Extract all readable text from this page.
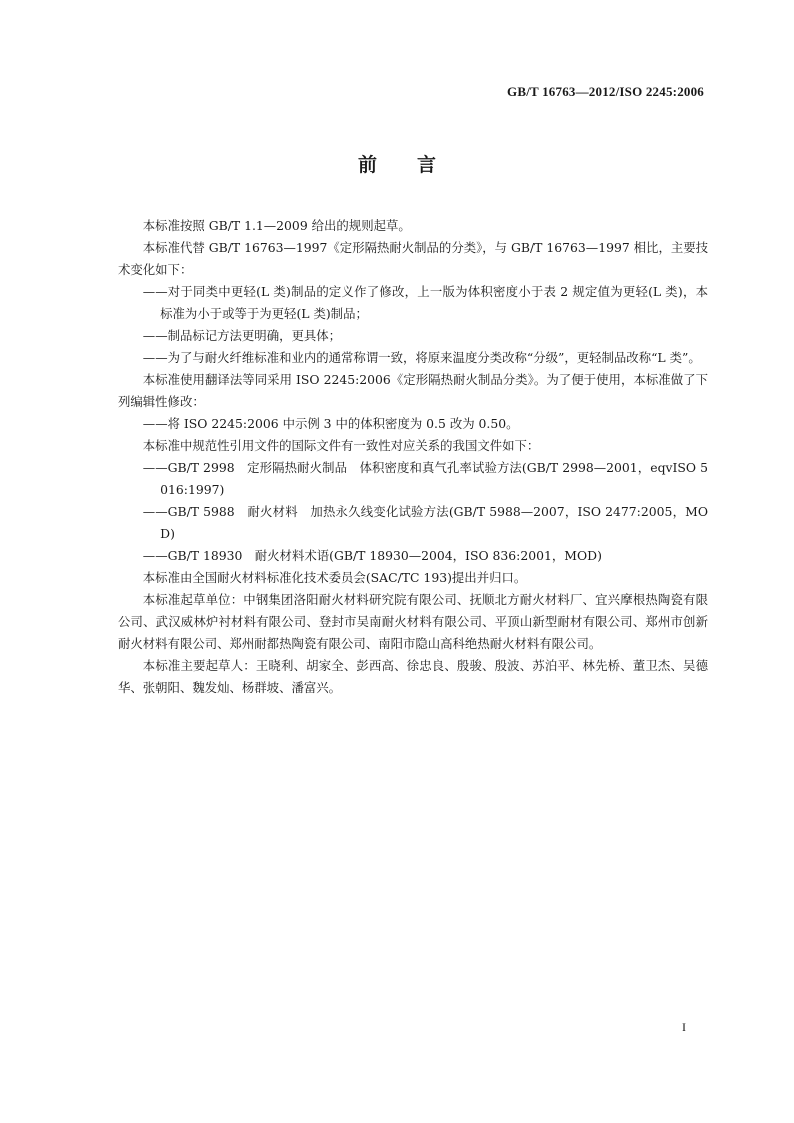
GB/T 16763—2012/ISO 2245:2006
前言

本标准按照 GB/T 1.1—2009 给出的规则起草。

本标准代替 GB/T 16763—1997《定形隔热耐火制品的分类》，与 GB/T 16763—1997 相比，主要技术变化如下：

——对于同类中更轻(L 类)制品的定义作了修改，上一版为体积密度小于表 2 规定值为更轻(L 类)，本标准为小于或等于为更轻(L 类)制品；

——制品标记方法更明确，更具体；

——为了与耐火纤维标准和业内的通常称谓一致，将原来温度分类改称“分级”，更轻制品改称“L 类”。

本标准使用翻译法等同采用 ISO 2245:2006《定形隔热耐火制品分类》。为了便于使用，本标准做了下列编辑性修改：

——将 ISO 2245:2006 中示例 3 中的体积密度为 0.5 改为 0.50。

本标准中规范性引用文件的国际文件有一致性对应关系的我国文件如下：

——GB/T 2998　定形隔热耐火制品　体积密度和真气孔率试验方法(GB/T 2998—2001，eqvISO 5016:1997)

——GB/T 5988　耐火材料　加热永久线变化试验方法(GB/T 5988—2007，ISO 2477:2005，MOD)

——GB/T 18930　耐火材料术语(GB/T 18930—2004，ISO 836:2001，MOD)

本标准由全国耐火材料标准化技术委员会(SAC/TC 193)提出并归口。

本标准起草单位：中钢集团洛阳耐火材料研究院有限公司、抚顺北方耐火材料厂、宜兴摩根热陶瓷有限公司、武汉威林炉衬材料有限公司、登封市吴南耐火材料有限公司、平顶山新型耐材有限公司、郑州市创新耐火材料有限公司、郑州耐都热陶瓷有限公司、南阳市隐山高科绝热耐火材料有限公司。

本标准主要起草人：王晓利、胡家全、彭西高、徐忠良、殷骏、殷波、苏泊平、林先桥、董卫杰、吴德华、张朝阳、魏发灿、杨群坡、潘富兴。

I
